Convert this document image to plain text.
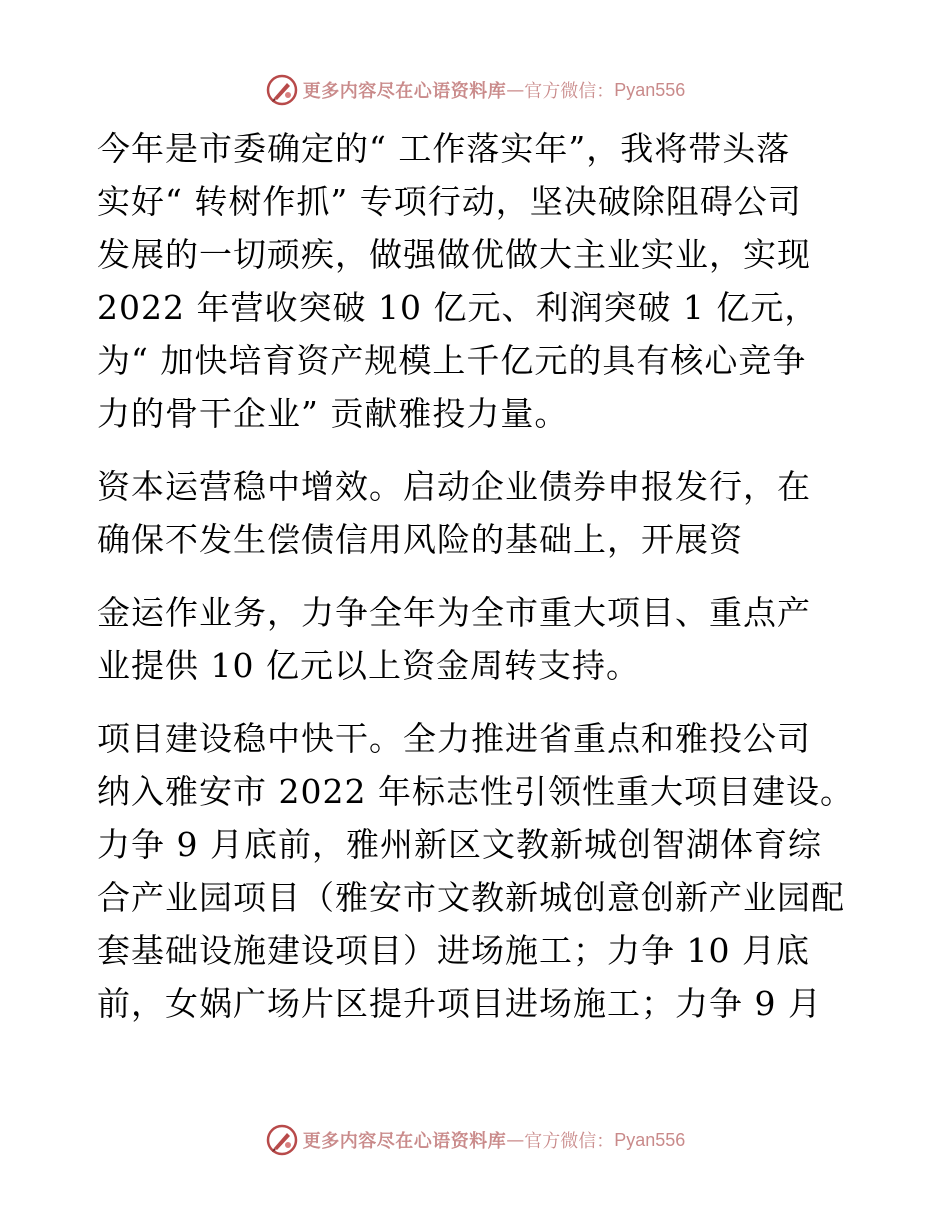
更多内容尽在心语资料库 — 官方微信： Pyan556
今年是市委确定的“ 工作落实年”，我将带头落
实好“ 转树作抓” 专项行动，坚决破除阻碍公司
发展的一切顽疾，做强做优做大主业实业，实现
2022 年营收突破 10 亿元、利润突破 1 亿元，
为“ 加快培育资产规模上千亿元的具有核心竞争
力的骨干企业” 贡献雅投力量。
资本运营稳中增效。启动企业债券申报发行，在
确保不发生偿债信用风险的基础上，开展资
金运作业务，力争全年为全市重大项目、重点产
业提供 10 亿元以上资金周转支持。
项目建设稳中快干。全力推进省重点和雅投公司
纳入雅安市 2022 年标志性引领性重大项目建设。
力争 9 月底前，雅州新区文教新城创智湖体育综
合产业园项目（雅安市文教新城创意创新产业园配
套基础设施建设项目）进场施工；力争 10 月底
前，女娲广场片区提升项目进场施工；力争 9 月
更多内容尽在心语资料库 — 官方微信： Pyan556
